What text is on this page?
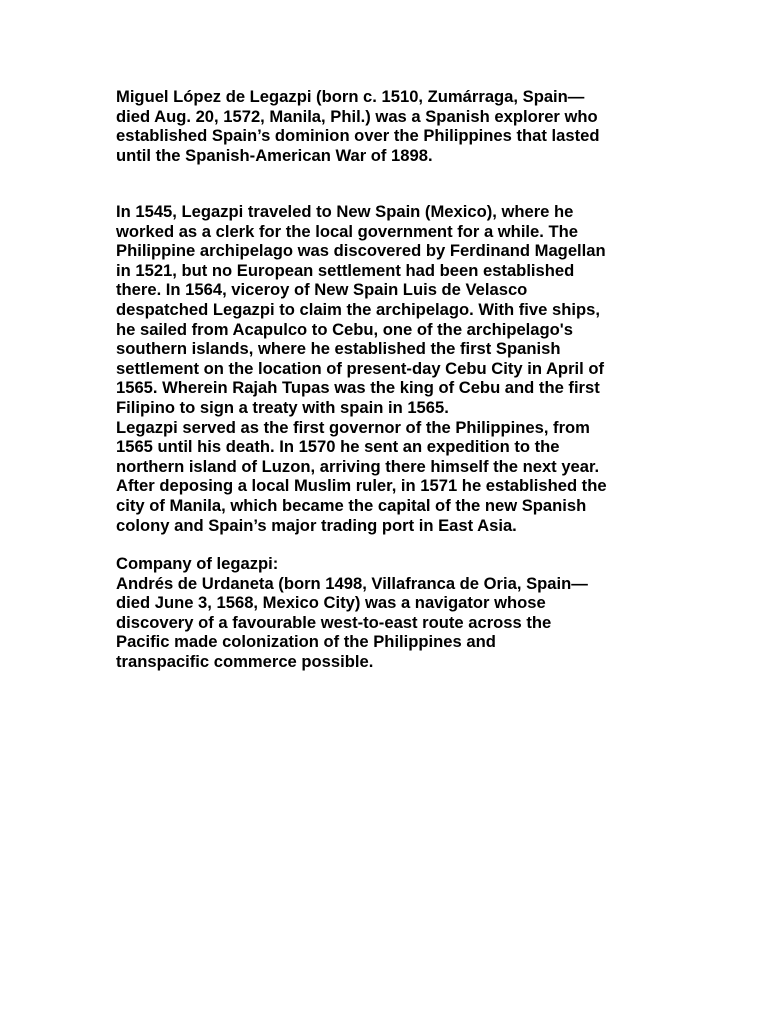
Miguel López de Legazpi (born c. 1510, Zumárraga, Spain—
died Aug. 20, 1572, Manila, Phil.) was a Spanish explorer who
established Spain’s dominion over the Philippines that lasted
until the Spanish-American War of 1898.
In 1545, Legazpi traveled to New Spain (Mexico), where he
worked as a clerk for the local government for a while. The
Philippine archipelago was discovered by Ferdinand Magellan
in 1521, but no European settlement had been established
there. In 1564, viceroy of New Spain Luis de Velasco
despatched Legazpi to claim the archipelago. With five ships,
he sailed from Acapulco to Cebu, one of the archipelago's
southern islands, where he established the first Spanish
settlement on the location of present-day Cebu City in April of
1565. Wherein Rajah Tupas was the king of Cebu and the first
Filipino to sign a treaty with spain in 1565.
Legazpi served as the first governor of the Philippines, from
1565 until his death. In 1570 he sent an expedition to the
northern island of Luzon, arriving there himself the next year.
After deposing a local Muslim ruler, in 1571 he established the
city of Manila, which became the capital of the new Spanish
colony and Spain’s major trading port in East Asia.
Company of legazpi:
Andrés de Urdaneta (born 1498, Villafranca de Oria, Spain—
died June 3, 1568, Mexico City) was a navigator whose
discovery of a favourable west-to-east route across the
Pacific made colonization of the Philippines and
transpacific commerce possible.
